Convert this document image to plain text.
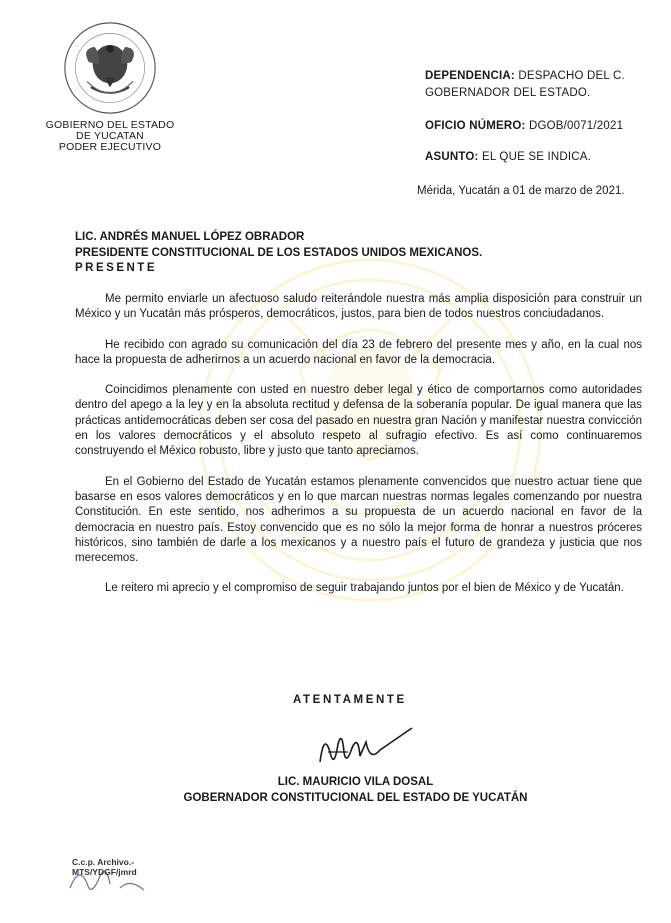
GOBIERNO DEL ESTADO
DE YUCATAN
PODER EJECUTIVO
DEPENDENCIA: DESPACHO DEL C.
GOBERNADOR DEL ESTADO.
OFICIO NÚMERO: DGOB/0071/2021
ASUNTO: EL QUE SE INDICA.
Mérida, Yucatán a 01 de marzo de 2021.
LIC. ANDRÉS MANUEL LÓPEZ OBRADOR
PRESIDENTE CONSTITUCIONAL DE LOS ESTADOS UNIDOS MEXICANOS.
PRESENTE

Me permito enviarle un afectuoso saludo reiterándole nuestra más amplia disposición para construir un México y un Yucatán más prósperos, democráticos, justos, para bien de todos nuestros conciudadanos.

He recibido con agrado su comunicación del día 23 de febrero del presente mes y año, en la cual nos hace la propuesta de adherirnos a un acuerdo nacional en favor de la democracia.

Coincidimos plenamente con usted en nuestro deber legal y ético de comportarnos como autoridades dentro del apego a la ley y en la absoluta rectitud y defensa de la soberanía popular. De igual manera que las prácticas antidemocráticas deben ser cosa del pasado en nuestra gran Nación y manifestar nuestra convicción en los valores democráticos y el absoluto respeto al sufragio efectivo. Es así como continuaremos construyendo el México robusto, libre y justo que tanto apreciamos.

En el Gobierno del Estado de Yucatán estamos plenamente convencidos que nuestro actuar tiene que basarse en esos valores democráticos y en lo que marcan nuestras normas legales comenzando por nuestra Constitución. En este sentido, nos adherimos a su propuesta de un acuerdo nacional en favor de la democracia en nuestro país. Estoy convencido que es no sólo la mejor forma de honrar a nuestros próceres históricos, sino también de darle a los mexicanos y a nuestro país el futuro de grandeza y justicia que nos merecemos.

Le reitero mi aprecio y el compromiso de seguir trabajando juntos por el bien de México y de Yucatán.

ATENTAMENTE
LIC. MAURICIO VILA DOSAL
GOBERNADOR CONSTITUCIONAL DEL ESTADO DE YUCATÁN
C.c.p. Archivo.-
MTS/YDGF/jmrd
